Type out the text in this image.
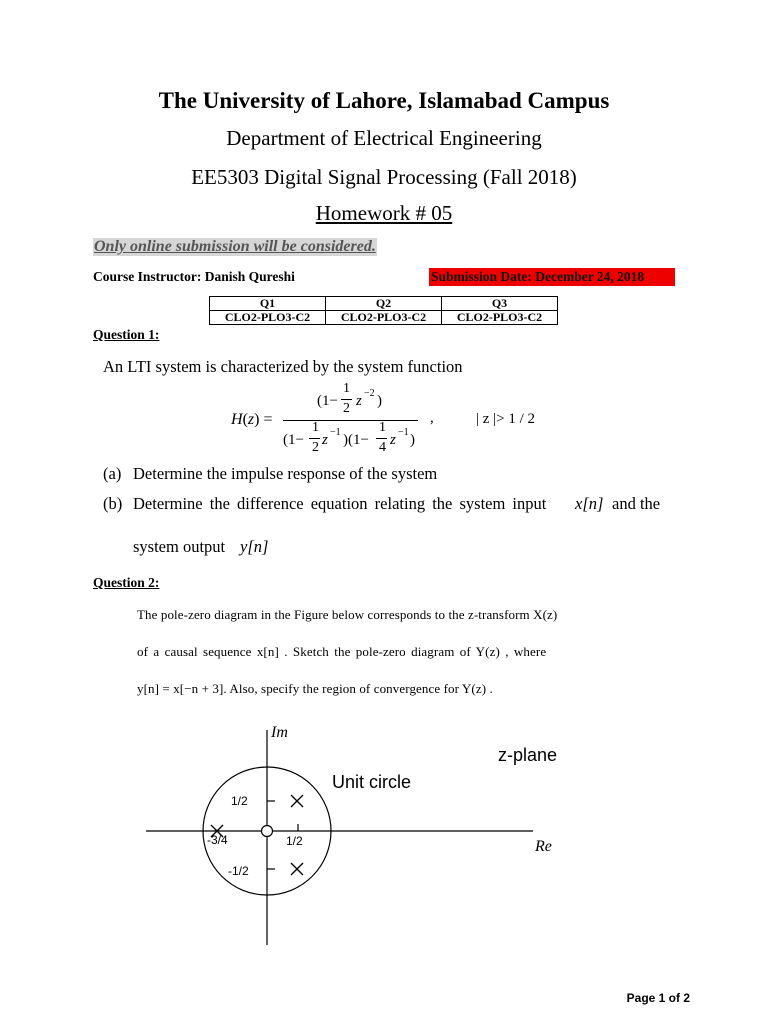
The University of Lahore, Islamabad Campus
Department of Electrical Engineering
EE5303 Digital Signal Processing (Fall 2018)
Homework # 05
Only online submission will be considered.
Course Instructor: Danish Qureshi	Submission Date: December 24, 2018
Q1	Q2	Q3
CLO2-PLO3-C2	CLO2-PLO3-C2	CLO2-PLO3-C2
Question 1:
An LTI system is characterized by the system function
H(z) =
(1−
1
2 z −2 )
(1−
1
2 z −1 )(1−
1
4 z −1 )
,	| z |> 1 / 2
(a) Determine the impulse response of the system
(b) Determine the difference equation relating the system input x[n] and the
system output y[n]
Question 2:
The pole-zero diagram in the Figure below corresponds to the z-transform X(z)
of a causal sequence x[n] . Sketch the pole-zero diagram of Y(z) , where
y[n] = x[−n + 3]. Also, specify the region of convergence for Y(z) .
Im
Re
z-plane
Unit circle
1/2
-1/2
-3/4	1/2
Page 1 of 2
